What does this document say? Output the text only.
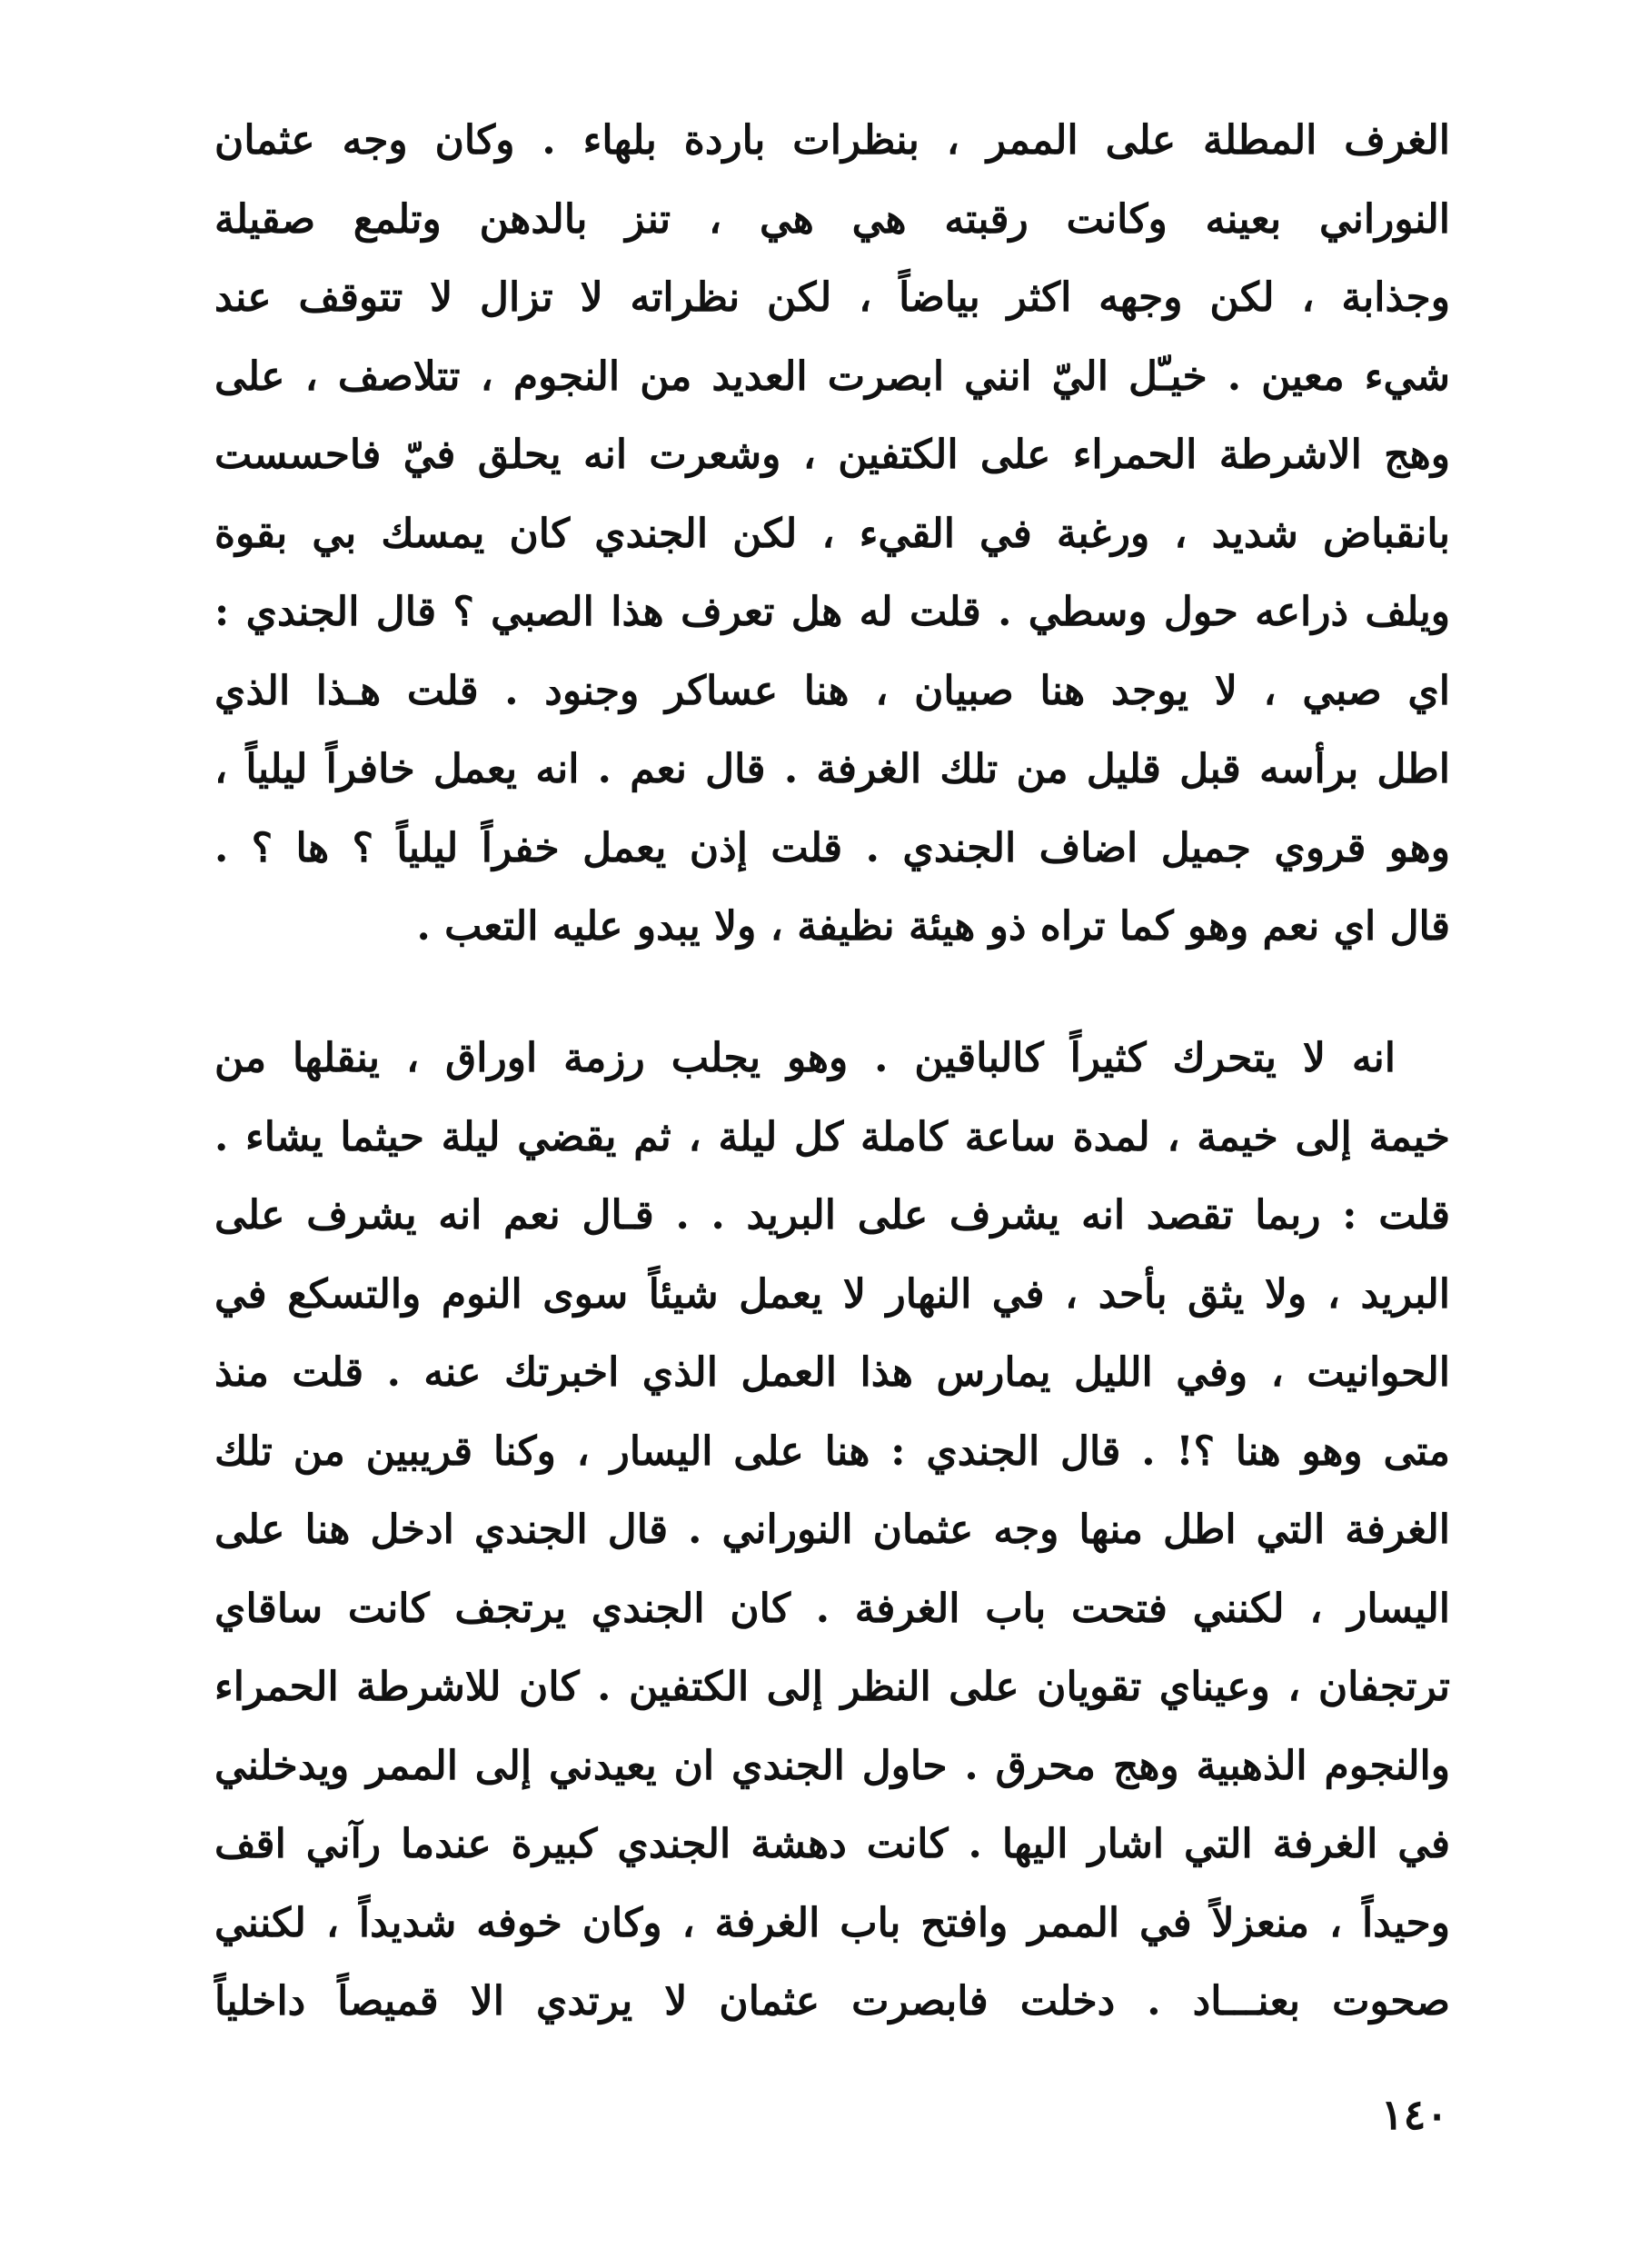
الغرف المطلة على الممر ، بنظرات باردة بلهاء . وكان وجه عثمان
النوراني بعينه وكانت رقبته هي هي ، تنز بالدهن وتلمع صقيلة
وجذابة ، لكن وجهه اكثر بياضاً ، لكن نظراته لا تزال لا تتوقف عند
شيء معين . خيـّل اليّ انني ابصرت العديد من النجوم ، تتلاصف ، على
وهج الاشرطة الحمراء على الكتفين ، وشعرت انه يحلق فيّ فاحسست
بانقباض شديد ، ورغبة في القيء ، لكن الجندي كان يمسك بي بقوة
ويلف ذراعه حول وسطي . قلت له هل تعرف هذا الصبي ؟ قال الجندي :
اي صبي ، لا يوجد هنا صبيان ، هنا عساكر وجنود . قلت هـذا الذي
اطل برأسه قبل قليل من تلك الغرفة . قال نعم . انه يعمل خافراً ليلياً ،
وهو قروي جميل اضاف الجندي . قلت إذن يعمل خفراً ليلياً ؟ ها ؟ .
قال اي نعم وهو كما تراه ذو هيئة نظيفة ، ولا يبدو عليه التعب .
انه لا يتحرك كثيراً كالباقين . وهو يجلب رزمة اوراق ، ينقلها من
خيمة إلى خيمة ، لمدة ساعة كاملة كل ليلة ، ثم يقضي ليلة حيثما يشاء .
قلت : ربما تقصد انه يشرف على البريد . . قـال نعم انه يشرف على
البريد ، ولا يثق بأحد ، في النهار لا يعمل شيئاً سوى النوم والتسكع في
الحوانيت ، وفي الليل يمارس هذا العمل الذي اخبرتك عنه . قلت منذ
متى وهو هنا ؟! . قال الجندي : هنا على اليسار ، وكنا قريبين من تلك
الغرفة التي اطل منها وجه عثمان النوراني . قال الجندي ادخل هنا على
اليسار ، لكنني فتحت باب الغرفة . كان الجندي يرتجف كانت ساقاي
ترتجفان ، وعيناي تقويان على النظر إلى الكتفين . كان للاشرطة الحمراء
والنجوم الذهبية وهج محرق . حاول الجندي ان يعيدني إلى الممر ويدخلني
في الغرفة التي اشار اليها . كانت دهشة الجندي كبيرة عندما رآني اقف
وحيداً ، منعزلاً في الممر وافتح باب الغرفة ، وكان خوفه شديداً ، لكنني
صحوت بعنـــاد . دخلت فابصرت عثمان لا يرتدي الا قميصاً داخلياً
١٤٠
